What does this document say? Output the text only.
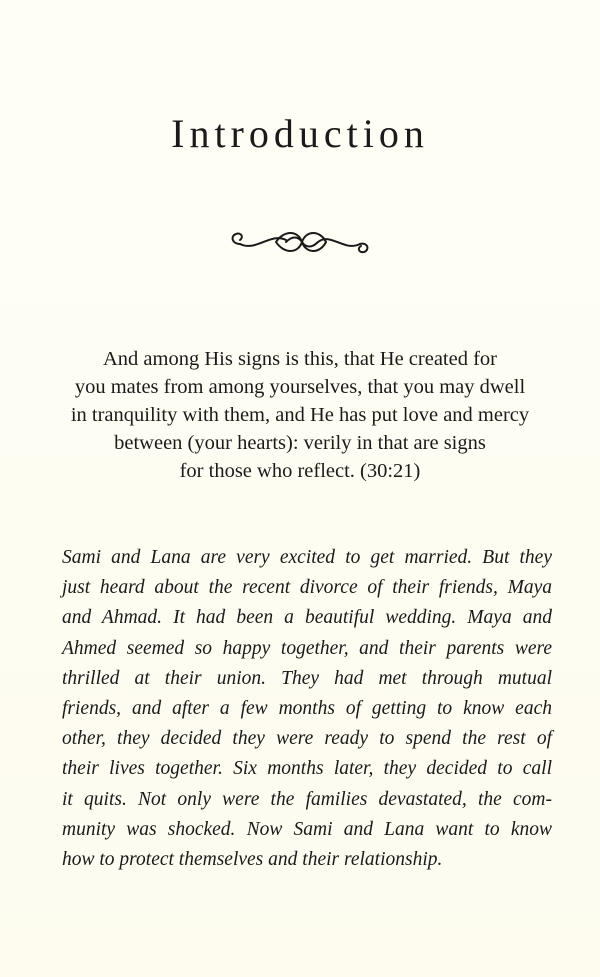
Introduction

And among His signs is this, that He created for
you mates from among yourselves, that you may dwell
in tranquility with them, and He has put love and mercy
between (your hearts): verily in that are signs
for those who reflect. (30:21)

Sami and Lana are very excited to get married. But they
just heard about the recent divorce of their friends, Maya
and Ahmad. It had been a beautiful wedding. Maya and
Ahmed seemed so happy together, and their parents were
thrilled at their union. They had met through mutual
friends, and after a few months of getting to know each
other, they decided they were ready to spend the rest of
their lives together. Six months later, they decided to call
it quits. Not only were the families devastated, the com-
munity was shocked. Now Sami and Lana want to know
how to protect themselves and their relationship.
